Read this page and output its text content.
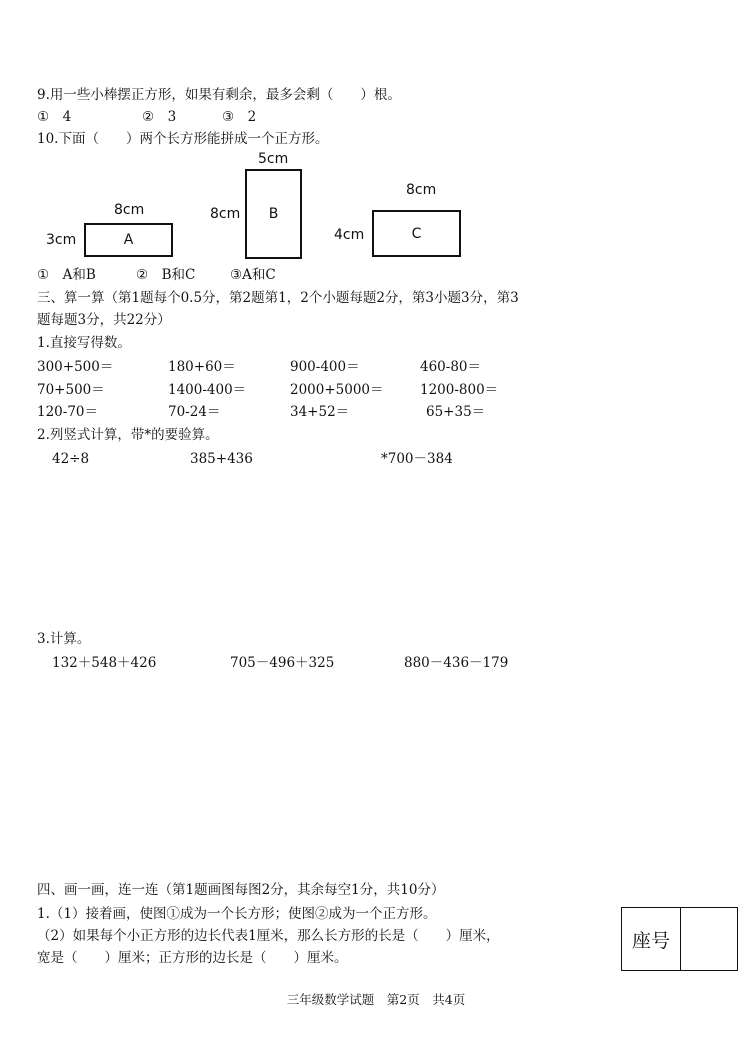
9.用一些小棒摆正方形，如果有剩余，最多会剩（　　）根。
①　4	②　3	③　2
10.下面（　　）两个长方形能拼成一个正方形。
8cm
3cm	A
5cm
8cm	B
8cm
4cm	C
①　A和B	②　B和C	③A和C
三、算一算（第1题每个0.5分，第2题第1，2个小题每题2分，第3小题3分，第3
题每题3分，共22分）
1.直接写得数。
300+500＝	180+60＝	900-400＝	460-80＝
70+500＝	1400-400＝	2000+5000＝	1200-800＝
120-70＝	70-24＝	34+52＝	65+35＝
2.列竖式计算，带*的要验算。
42÷8	385+436	*700－384
3.计算。
132＋548＋426	705－496＋325	880－436－179
四、画一画，连一连（第1题画图每图2分，其余每空1分，共10分）
1.（1）接着画，使图①成为一个长方形；使图②成为一个正方形。
（2）如果每个小正方形的边长代表1厘米，那么长方形的长是（　　）厘米，
宽是（　　）厘米；正方形的边长是（　　）厘米。
座号
三年级数学试题　第2页　共4页
